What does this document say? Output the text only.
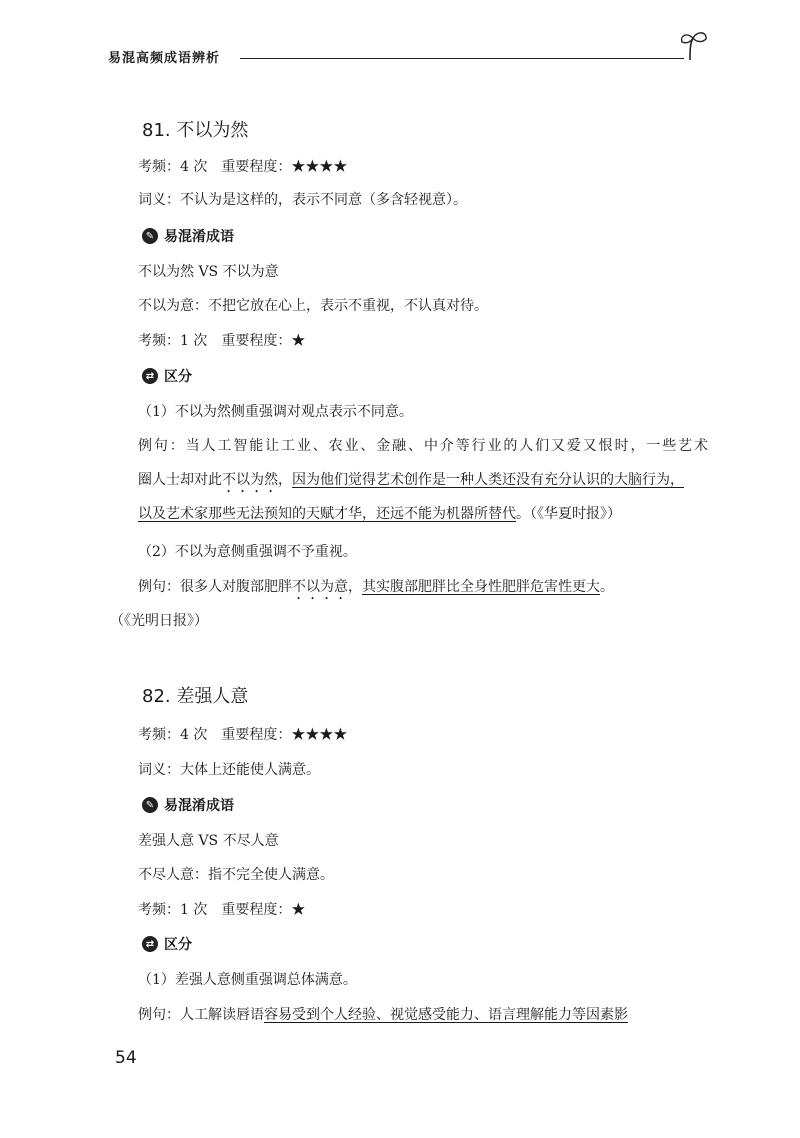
易混高频成语辨析
81. 不以为然
考频：4 次　重要程度：★★★★
词义：不认为是这样的，表示不同意（多含轻视意）。
✎ 易混淆成语
不以为然 VS 不以为意
不以为意：不把它放在心上，表示不重视，不认真对待。
考频：1 次　重要程度：★
⇄ 区分
（1）不以为然侧重强调对观点表示不同意。
例句：当人工智能让工业、农业、金融、中介等行业的人们又爱又恨时，一些艺术
圈人士却对此不以为然，因为他们觉得艺术创作是一种人类还没有充分认识的大脑行为，
以及艺术家那些无法预知的天赋才华，还远不能为机器所替代。（《华夏时报》）
（2）不以为意侧重强调不予重视。
例句：很多人对腹部肥胖不以为意，其实腹部肥胖比全身性肥胖危害性更大。
（《光明日报》）
82. 差强人意
考频：4 次　重要程度：★★★★
词义：大体上还能使人满意。
✎ 易混淆成语
差强人意 VS 不尽人意
不尽人意：指不完全使人满意。
考频：1 次　重要程度：★
⇄ 区分
（1）差强人意侧重强调总体满意。
例句：人工解读唇语容易受到个人经验、视觉感受能力、语言理解能力等因素影
54
